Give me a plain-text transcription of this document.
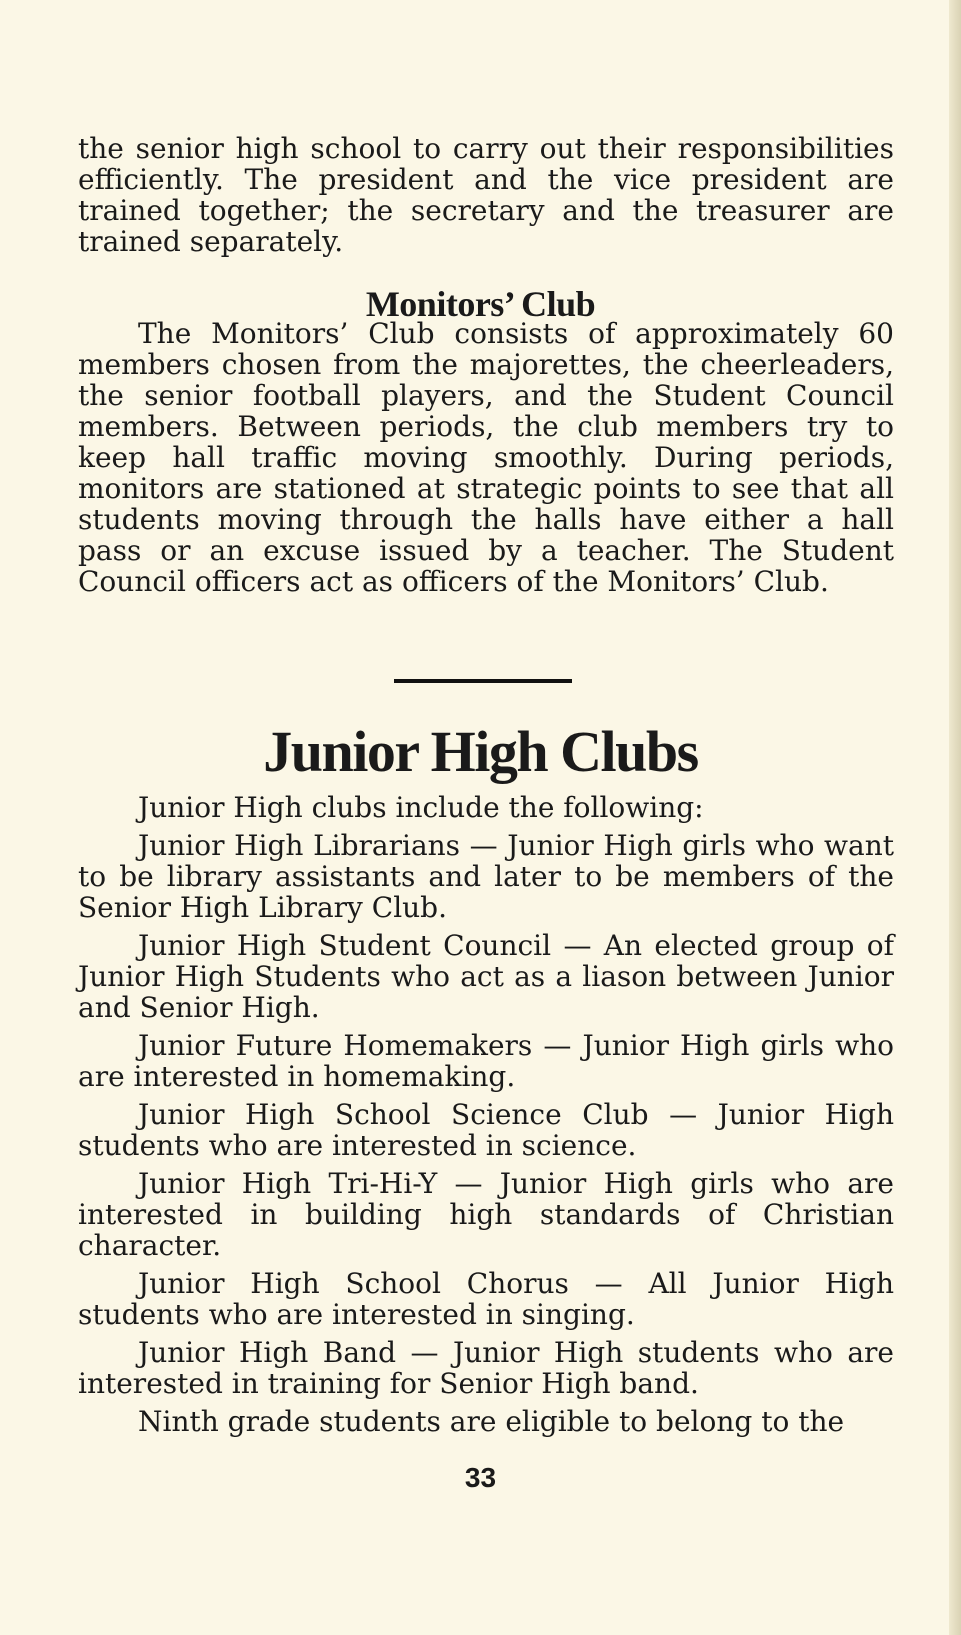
the senior high school to carry out their responsibilities efficiently. The president and the vice president are trained together; the secretary and the treasurer are trained separately.

Monitors’ Club

The Monitors’ Club consists of approximately 60 members chosen from the majorettes, the cheerleaders, the senior football players, and the Student Council members. Between periods, the club members try to keep hall traffic moving smoothly. During periods, monitors are stationed at strategic points to see that all students moving through the halls have either a hall pass or an excuse issued by a teacher. The Student Council officers act as officers of the Monitors’ Club.

Junior High Clubs

Junior High clubs include the following:

Junior High Librarians — Junior High girls who want to be library assistants and later to be members of the Senior High Library Club.

Junior High Student Council — An elected group of Junior High Students who act as a liason between Junior and Senior High.

Junior Future Homemakers — Junior High girls who are interested in homemaking.

Junior High School Science Club — Junior High students who are interested in science.

Junior High Tri-Hi-Y — Junior High girls who are interested in building high standards of Christian character.

Junior High School Chorus — All Junior High students who are interested in singing.

Junior High Band — Junior High students who are interested in training for Senior High band.

Ninth grade students are eligible to belong to the

33
